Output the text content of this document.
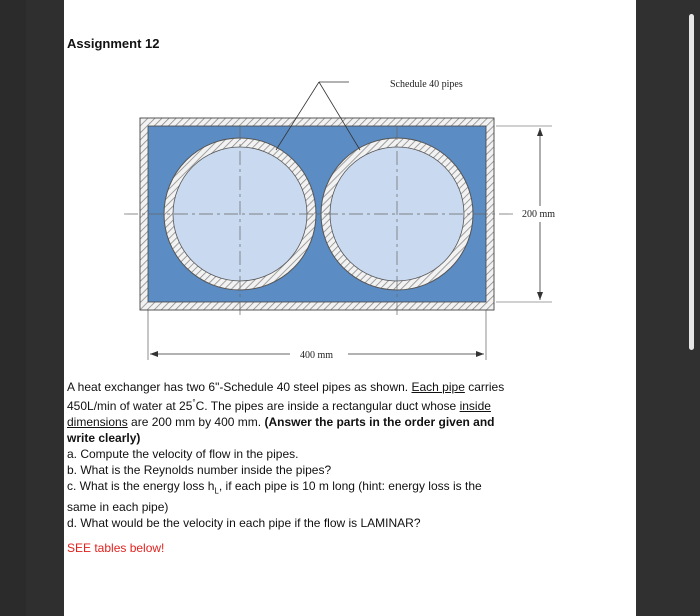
Assignment 12
Schedule 40 pipes
200 mm
400 mm

A heat exchanger has two 6"-Schedule 40 steel pipes as shown. Each pipe carries 450L/min of water at 25°C. The pipes are inside a rectangular duct whose inside dimensions are 200 mm by 400 mm. (Answer the parts in the order given and write clearly)

a. Compute the velocity of flow in the pipes.

b. What is the Reynolds number inside the pipes?

c. What is the energy loss $h_L$, if each pipe is 10 m long (hint: energy loss is the same in each pipe)

d. What would be the velocity in each pipe if the flow is LAMINAR?

SEE tables below!
